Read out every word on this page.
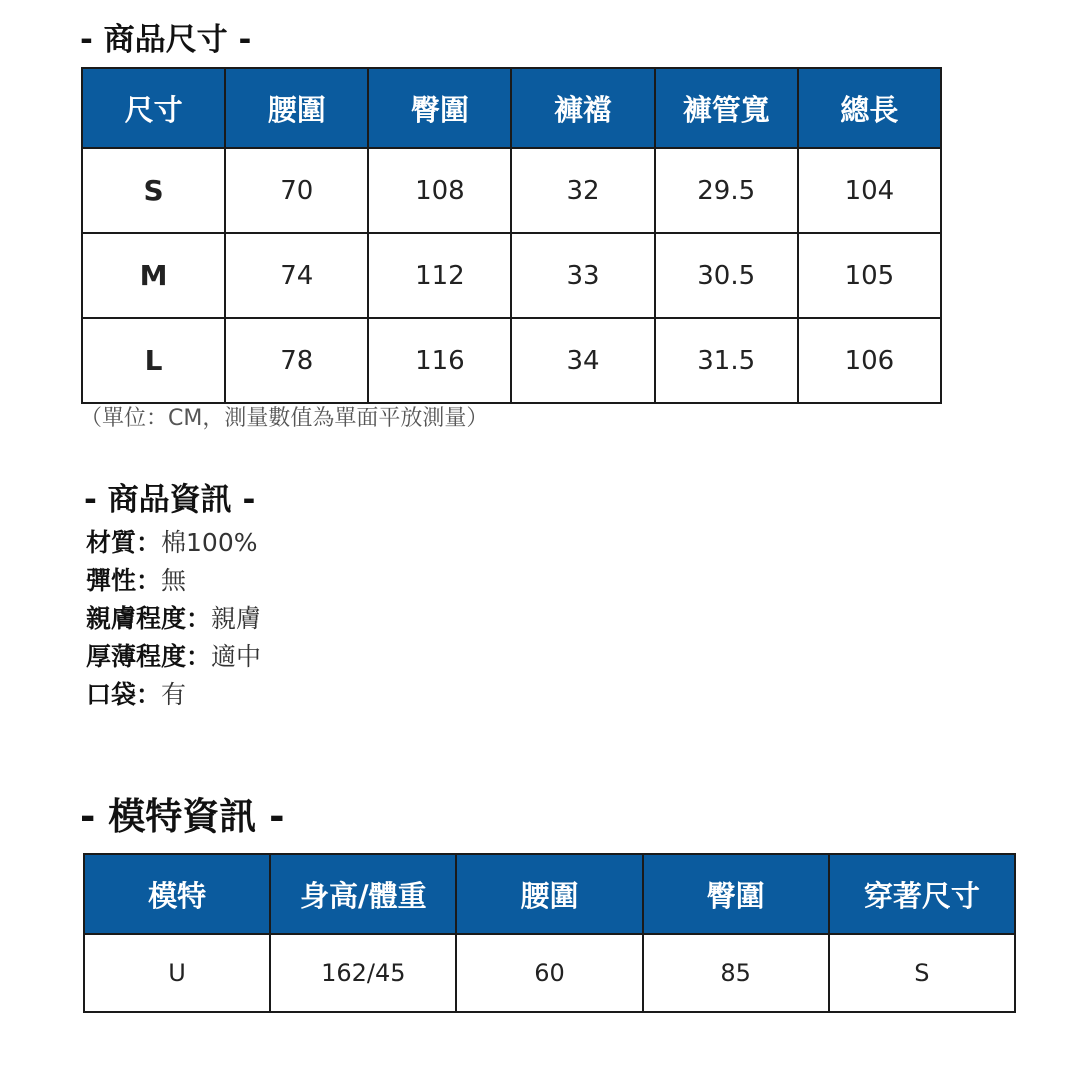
- 商品尺寸 -
尺寸	腰圍	臀圍	褲襠	褲管寬	總長
S	70	108	32	29.5	104
M	74	112	33	30.5	105
L	78	116	34	31.5	106
（單位：CM，測量數值為單面平放測量）
- 商品資訊 -
材質：棉100%
彈性：無
親膚程度：親膚
厚薄程度：適中
口袋：有
- 模特資訊 -
模特	身高/體重	腰圍	臀圍	穿著尺寸
U	162/45	60	85	S
